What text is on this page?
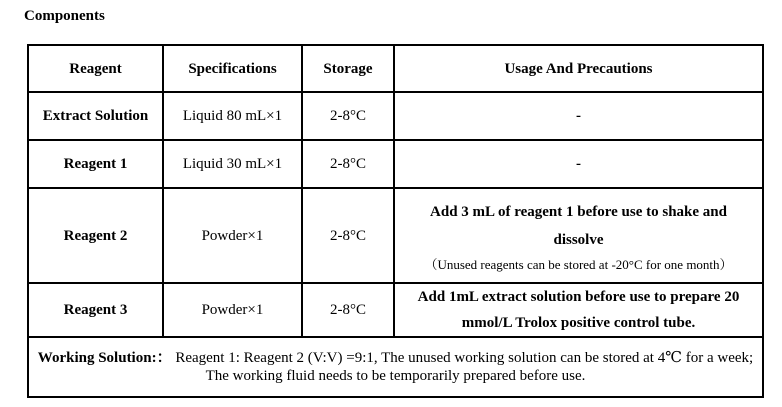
Components
Reagent	Specifications	Storage	Usage And Precautions
Extract Solution	Liquid 80 mL×1	2-8°C	-
Reagent 1	Liquid 30 mL×1	2-8°C	-
Reagent 2	Powder×1	2-8°C	Add 3 mL of reagent 1 before use to shake and dissolve
（Unused reagents can be stored at -20°C for one month）

Reagent 3	Powder×1	2-8°C	Add 1mL extract solution before use to prepare 20 mmol/L Trolox positive control tube.

Working Solution:： Reagent 1: Reagent 2 (V:V) =9:1, The unused working solution can be stored at 4℃ for a week; The working fluid needs to be temporarily prepared before use.			
